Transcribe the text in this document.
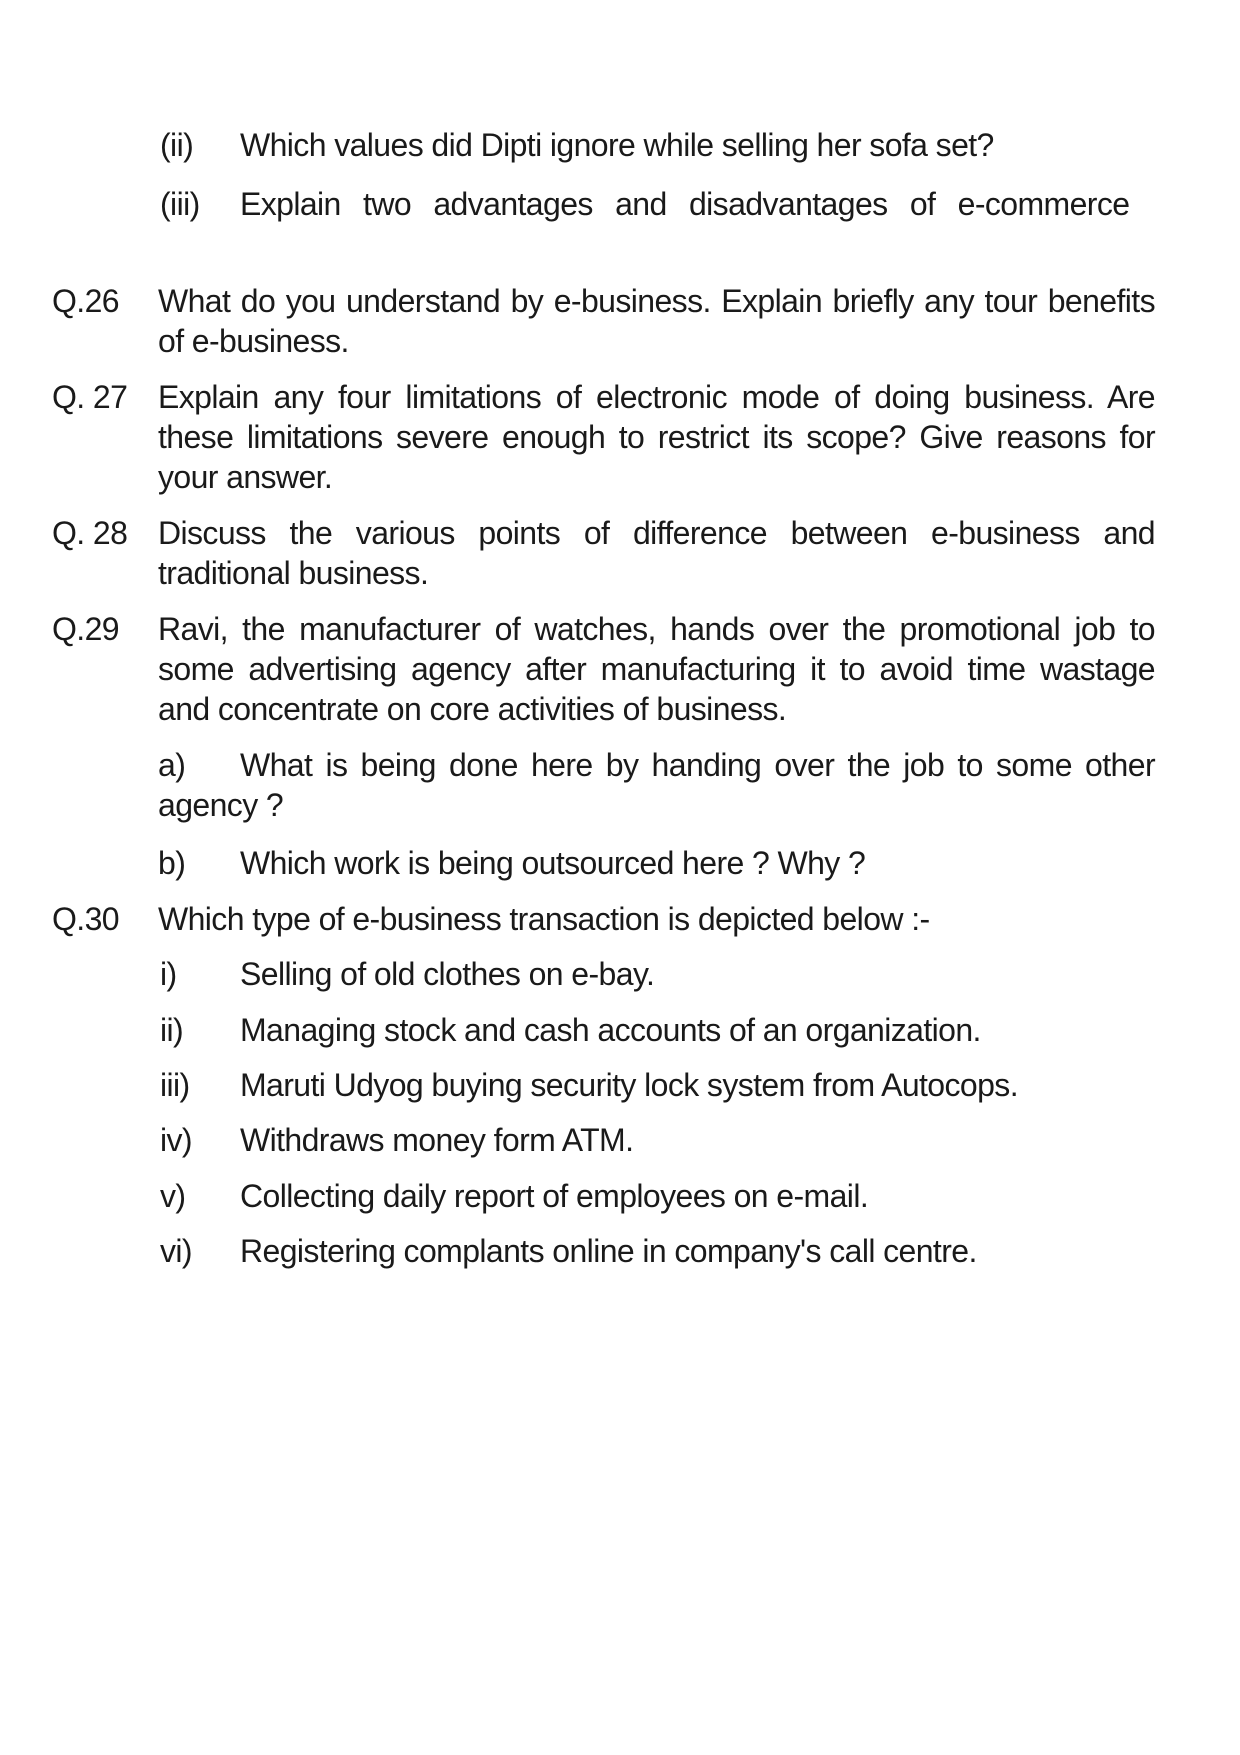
(ii) Which values did Dipti ignore while selling her sofa set?
(iii) Explain two advantages and disadvantages of e-commerce
Q.26 What do you understand by e-business. Explain briefly any tour benefits of e-business.
Q. 27 Explain any four limitations of electronic mode of doing business. Are these limitations severe enough to restrict its scope? Give reasons for your answer.
Q. 28 Discuss the various points of difference between e-business and traditional business.
Q.29 Ravi, the manufacturer of watches, hands over the promotional job to some advertising agency after manufacturing it to avoid time wastage and concentrate on core activities of business.
a) What is being done here by handing over the job to some other agency ?
b) Which work is being outsourced here ? Why ?
Q.30 Which type of e-business transaction is depicted below :-
i) Selling of old clothes on e-bay.
ii) Managing stock and cash accounts of an organization.
iii) Maruti Udyog buying security lock system from Autocops.
iv) Withdraws money form ATM.
v) Collecting daily report of employees on e-mail.
vi) Registering complants online in company's call centre.
